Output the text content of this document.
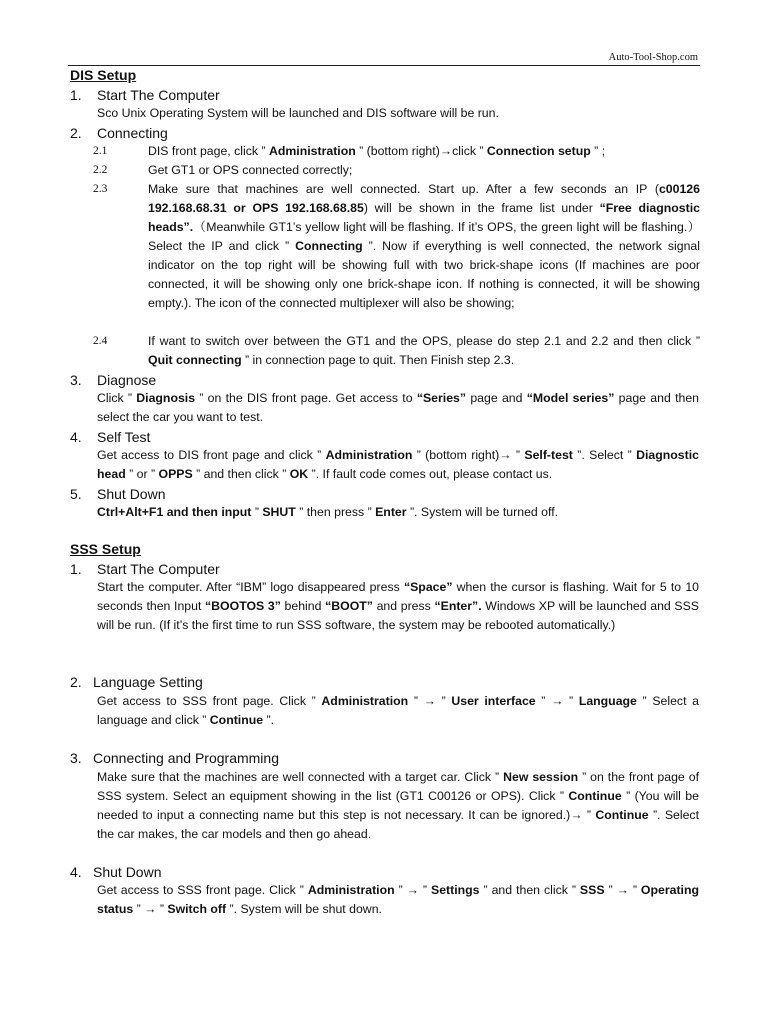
Auto-Tool-Shop.com
DIS Setup
1. Start The Computer
Sco Unix Operating System will be launched and DIS software will be run.
2. Connecting
2.1	DIS front page, click ” Administration ” (bottom right)→click ” Connection setup ” ;
2.2	Get GT1 or OPS connected correctly;
2.3	Make sure that machines are well connected. Start up. After a few seconds an IP (c00126 192.168.68.31 or OPS 192.168.68.85) will be shown in the frame list under “Free diagnostic heads”.（Meanwhile GT1’s yellow light will be flashing. If it’s OPS, the green light will be flashing.） Select the IP and click ” Connecting ”. Now if everything is well connected, the network signal indicator on the top right will be showing full with two brick-shape icons (If machines are poor connected, it will be showing only one brick-shape icon. If nothing is connected, it will be showing empty.). The icon of the connected multiplexer will also be showing;
2.4	If want to switch over between the GT1 and the OPS, please do step 2.1 and 2.2 and then click ” Quit connecting ” in connection page to quit. Then Finish step 2.3.
3. Diagnose
Click ” Diagnosis ” on the DIS front page. Get access to “Series” page and “Model series” page and then select the car you want to test.
4. Self Test
Get access to DIS front page and click ” Administration ” (bottom right)→ ” Self-test ”. Select ” Diagnostic head ” or ” OPPS ” and then click ” OK ”. If fault code comes out, please contact us.
5. Shut Down
Ctrl+Alt+F1 and then input ” SHUT ” then press ” Enter ”. System will be turned off.
SSS Setup
1. Start The Computer
Start the computer. After “IBM” logo disappeared press “Space” when the cursor is flashing. Wait for 5 to 10 seconds then Input “BOOTOS 3” behind “BOOT” and press “Enter”. Windows XP will be launched and SSS will be run. (If it’s the first time to run SSS software, the system may be rebooted automatically.)
2. Language Setting
Get access to SSS front page. Click ” Administration ” → ” User interface ” → ” Language ” Select a language and click ” Continue ”.
3. Connecting and Programming
Make sure that the machines are well connected with a target car. Click ” New session ” on the front page of SSS system. Select an equipment showing in the list (GT1 C00126 or OPS). Click ” Continue ” (You will be needed to input a connecting name but this step is not necessary. It can be ignored.)→ ” Continue ”. Select the car makes, the car models and then go ahead.
4. Shut Down
Get access to SSS front page. Click ” Administration ” → ” Settings ” and then click ” SSS ” → ” Operating status ” → ” Switch off ”. System will be shut down.
